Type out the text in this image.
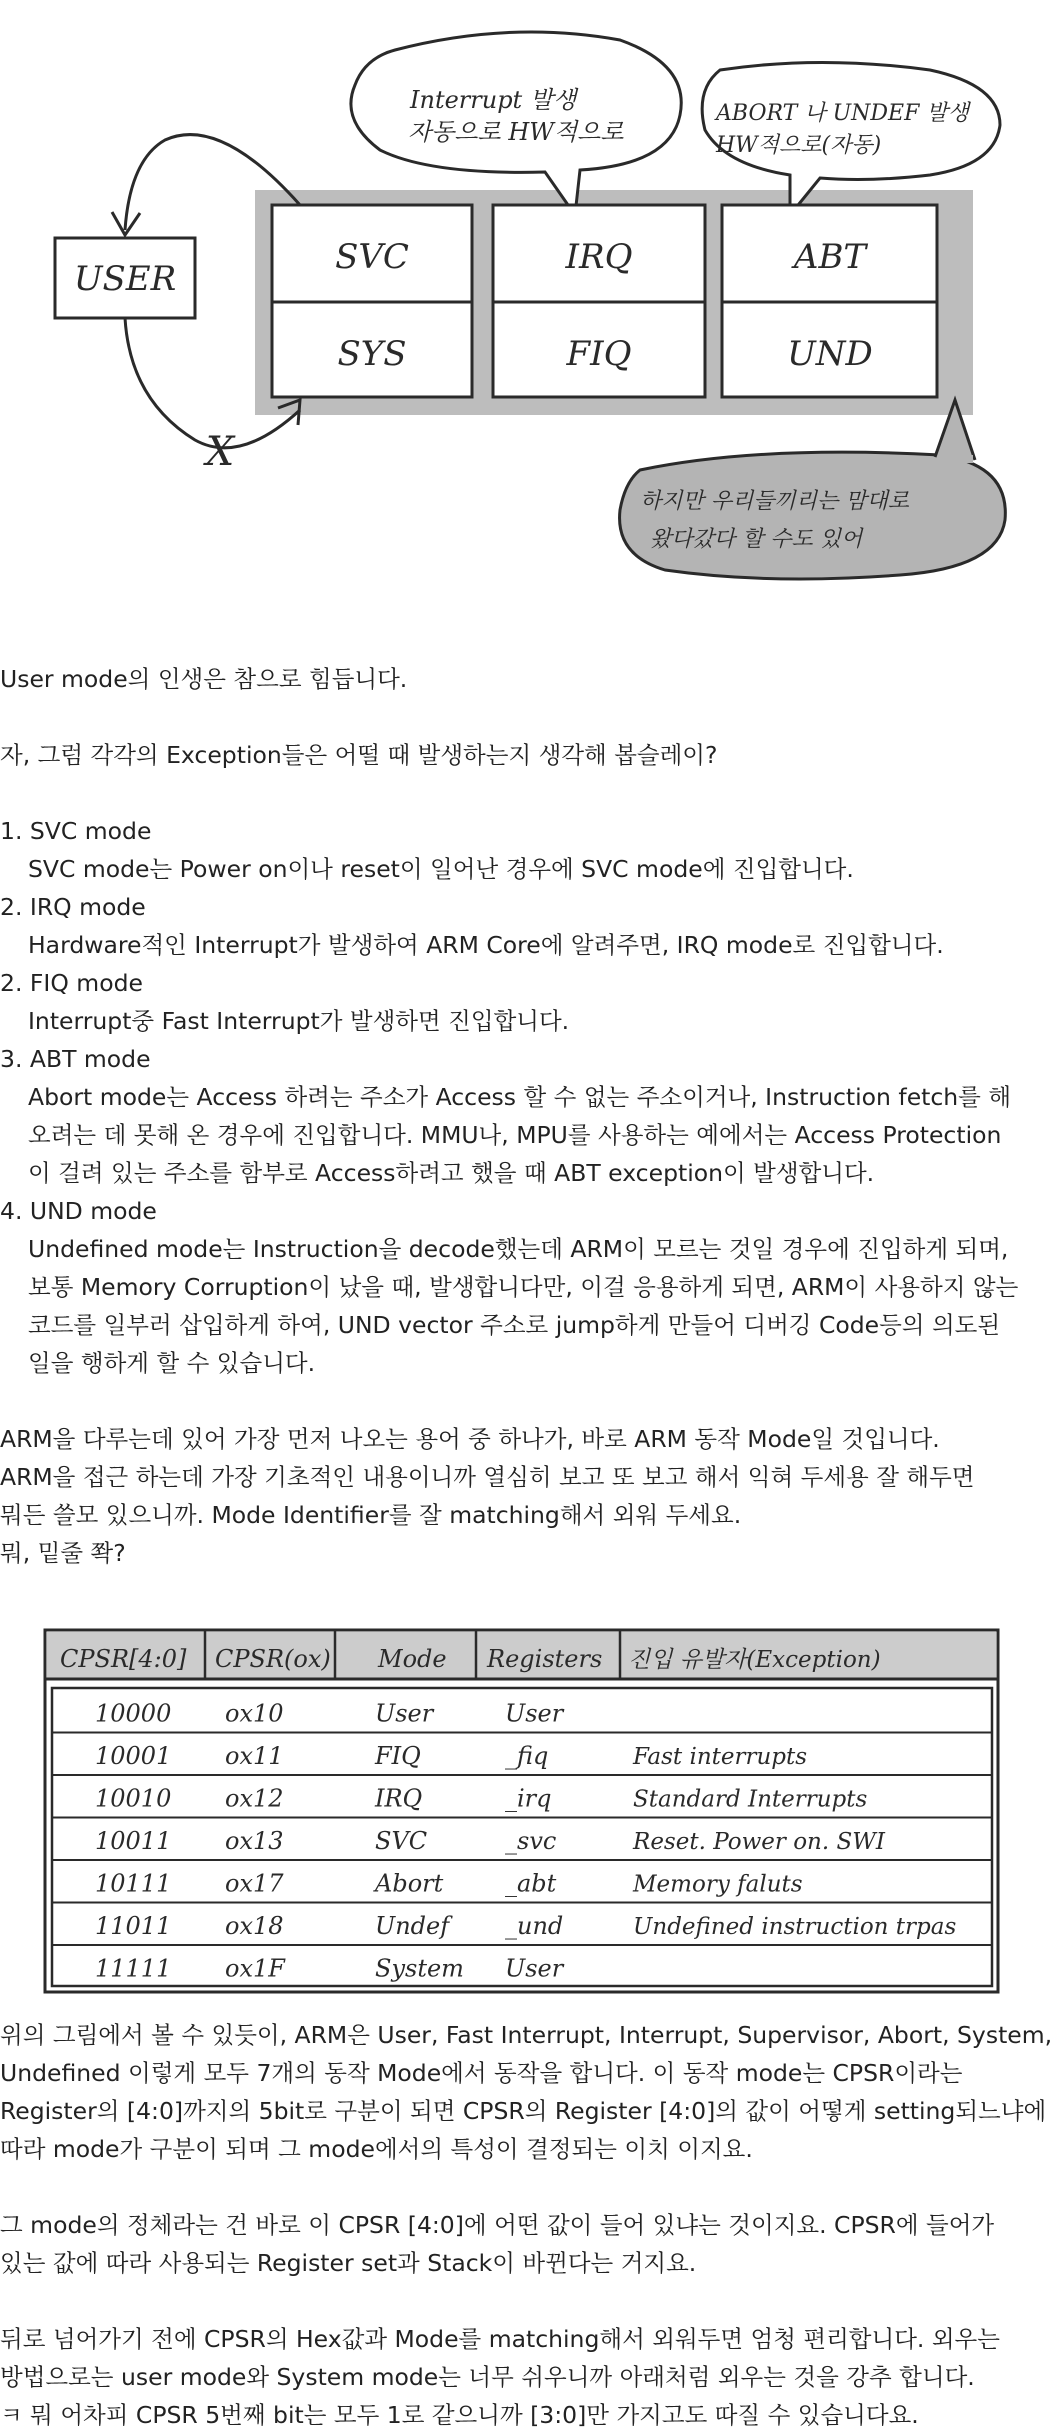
Interrupt 발생
자동으로 HW적으로
ABORT 나 UNDEF 발생
HW적으로(자동)
USER
SVC
SYS
IRQ
FIQ
ABT
UND
X
하지만 우리들끼리는 맘대로
왔다갔다 할 수도 있어

User mode의 인생은 참으로 힘듭니다.

자, 그럼 각각의 Exception들은 어떨 때 발생하는지 생각해 봅슬레이?

1. SVC mode

SVC mode는 Power on이나 reset이 일어난 경우에 SVC mode에 진입합니다.

2. IRQ mode

Hardware적인 Interrupt가 발생하여 ARM Core에 알려주면, IRQ mode로 진입합니다.

2. FIQ mode

Interrupt중 Fast Interrupt가 발생하면 진입합니다.

3. ABT mode

Abort mode는 Access 하려는 주소가 Access 할 수 없는 주소이거나, Instruction fetch를 해

오려는 데 못해 온 경우에 진입합니다. MMU나, MPU를 사용하는 예에서는 Access Protection

이 걸려 있는 주소를 함부로 Access하려고 했을 때 ABT exception이 발생합니다.

4. UND mode

Undefined mode는 Instruction을 decode했는데 ARM이 모르는 것일 경우에 진입하게 되며,

보통 Memory Corruption이 났을 때, 발생합니다만, 이걸 응용하게 되면, ARM이 사용하지 않는

코드를 일부러 삽입하게 하여, UND vector 주소로 jump하게 만들어 디버깅 Code등의 의도된

일을 행하게 할 수 있습니다.

ARM을 다루는데 있어 가장 먼저 나오는 용어 중 하나가, 바로 ARM 동작 Mode일 것입니다.

ARM을 접근 하는데 가장 기초적인 내용이니까 열심히 보고 또 보고 해서 익혀 두세용 잘 해두면

뭐든 쓸모 있으니까. Mode Identifier를 잘 matching해서 외워 두세요.

뭐, 밑줄 쫙?

CPSR[4:0] CPSR(ox) Mode Registers 진입 유발자(Exception)
10000 ox10	User	User
10001 ox11	FIQ	_fiq	Fast interrupts
10010 ox12	IRQ	_irq	Standard Interrupts
10011 ox13	SVC	_svc	Reset. Power on. SWI
10111 ox17	Abort	_abt	Memory faluts
11011 ox18	Undef _und	Undefined instruction trpas
11111 ox1F	System User

위의 그림에서 볼 수 있듯이, ARM은 User, Fast Interrupt, Interrupt, Supervisor, Abort, System,

Undefined 이렇게 모두 7개의 동작 Mode에서 동작을 합니다. 이 동작 mode는 CPSR이라는

Register의 [4:0]까지의 5bit로 구분이 되면 CPSR의 Register [4:0]의 값이 어떻게 setting되느냐에

따라 mode가 구분이 되며 그 mode에서의 특성이 결정되는 이치 이지요.

그 mode의 정체라는 건 바로 이 CPSR [4:0]에 어떤 값이 들어 있냐는 것이지요. CPSR에 들어가

있는 값에 따라 사용되는 Register set과 Stack이 바뀐다는 거지요.

뒤로 넘어가기 전에 CPSR의 Hex값과 Mode를 matching해서 외워두면 엄청 편리합니다. 외우는

방법으로는 user mode와 System mode는 너무 쉬우니까 아래처럼 외우는 것을 강추 합니다.

ㅋ 뭐 어차피 CPSR 5번째 bit는 모두 1로 같으니까 [3:0]만 가지고도 따질 수 있습니다요.
